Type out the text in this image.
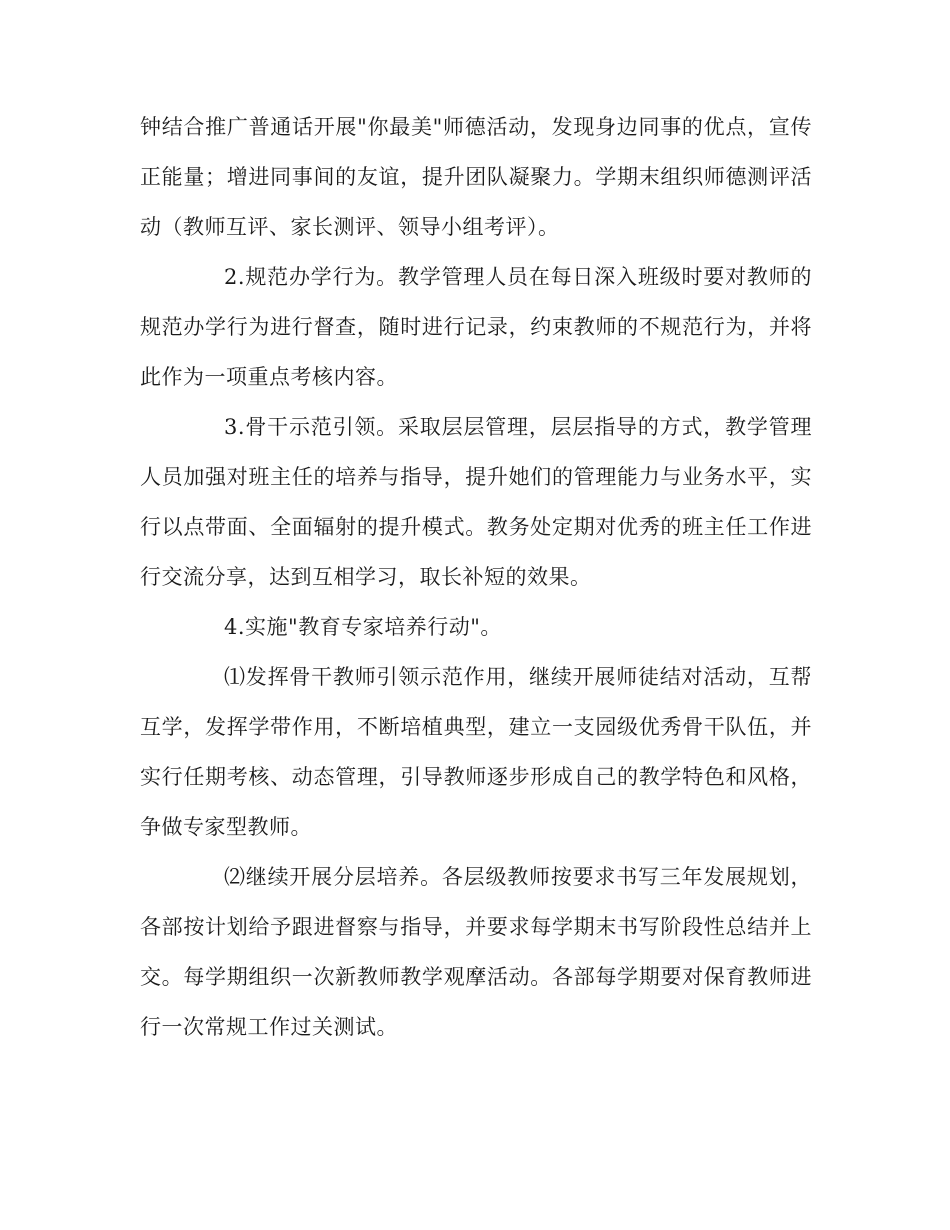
钟结合推广普通话开展"你最美"师德活动，发现身边同事的优点，宣传正能量；增进同事间的友谊，提升团队凝聚力。学期末组织师德测评活动（教师互评、家长测评、领导小组考评）。

2.规范办学行为。教学管理人员在每日深入班级时要对教师的规范办学行为进行督查，随时进行记录，约束教师的不规范行为，并将此作为一项重点考核内容。

3.骨干示范引领。采取层层管理，层层指导的方式，教学管理人员加强对班主任的培养与指导，提升她们的管理能力与业务水平，实行以点带面、全面辐射的提升模式。教务处定期对优秀的班主任工作进行交流分享，达到互相学习，取长补短的效果。

4.实施"教育专家培养行动"。

⑴发挥骨干教师引领示范作用，继续开展师徒结对活动，互帮互学，发挥学带作用，不断培植典型，建立一支园级优秀骨干队伍，并实行任期考核、动态管理，引导教师逐步形成自己的教学特色和风格，争做专家型教师。

⑵继续开展分层培养。各层级教师按要求书写三年发展规划，各部按计划给予跟进督察与指导，并要求每学期末书写阶段性总结并上交。每学期组织一次新教师教学观摩活动。各部每学期要对保育教师进行一次常规工作过关测试。
